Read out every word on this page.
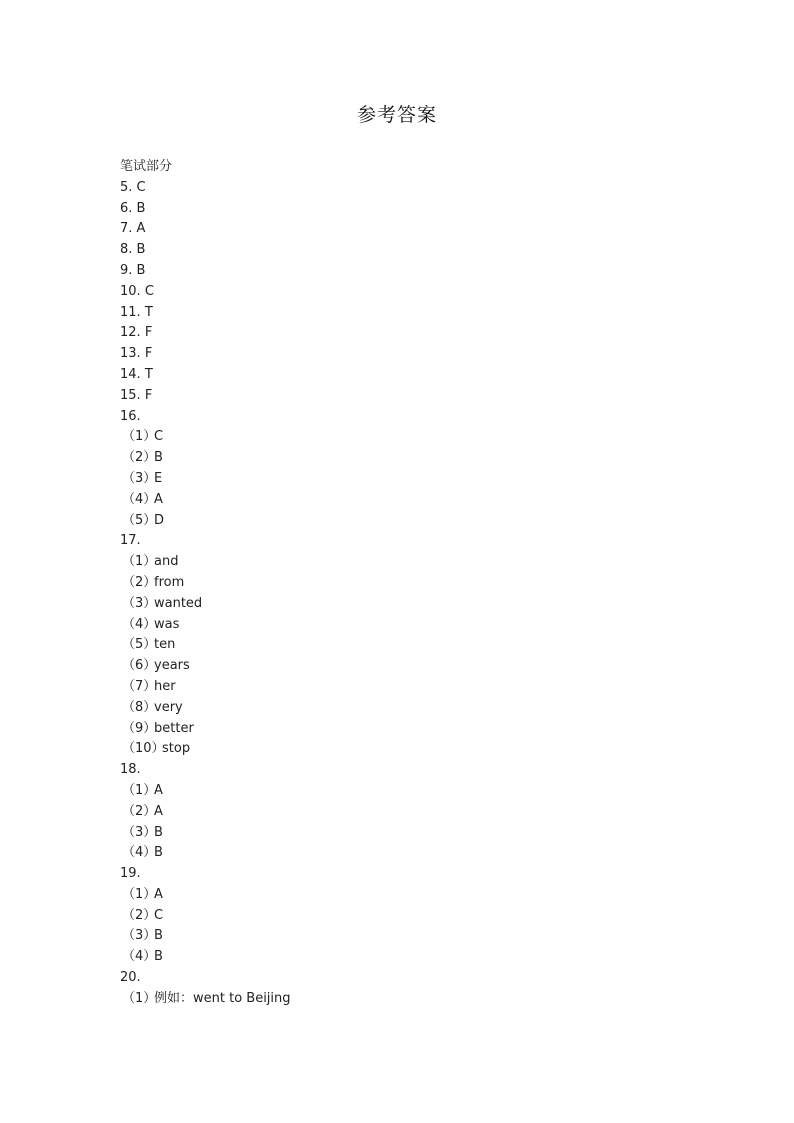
参考答案
笔试部分
5. C
6. B
7. A
8. B
9. B
10. C
11. T
12. F
13. F
14. T
15. F
16.
（1）
C
（2）
B
（3）
E
（4）
A
（5）
D
17.
（1）
and
（2）
from
（3）
wanted
（4）
was
（5）
ten
（6）
years
（7）
her
（8）
very
（9）
better
（10）
stop
18.
（1）
A
（2）
A
（3）
B
（4）
B
19.
（1）
A
（2）
C
（3）
B
（4）
B
20.
（1）
例如：went to Beijing
